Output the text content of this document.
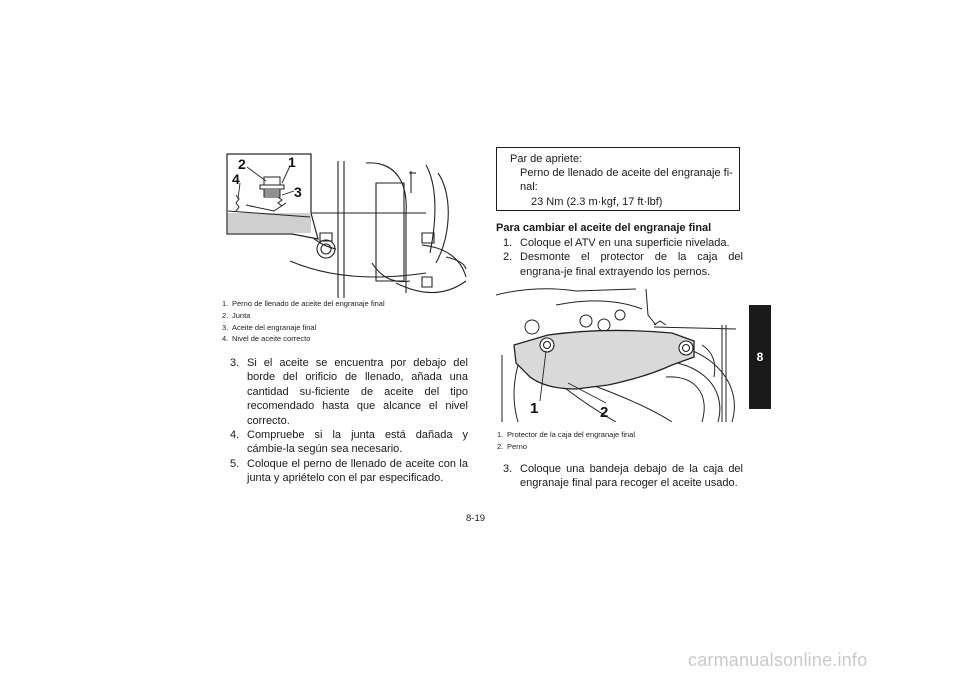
8
2	1
4
3
1. Perno de llenado de aceite del engranaje final
2. Junta
3. Aceite del engranaje final
4. Nivel de aceite correcto
3. Si el aceite se encuentra por debajo del borde del orificio de llenado, añada una cantidad su-ficiente de aceite del tipo recomendado hasta que alcance el nivel correcto.
4. Compruebe si la junta está dañada y cámbie-la según sea necesario.
5. Coloque el perno de llenado de aceite con la junta y apriételo con el par especificado.
Par de apriete:
Perno de llenado de aceite del engranaje fi-
nal:
23 Nm (2.3 m·kgf, 17 ft·lbf)
Para cambiar el aceite del engranaje final
1. Coloque el ATV en una superficie nivelada.
2. Desmonte el protector de la caja del engrana-je final extrayendo los pernos.
1	2
1. Protector de la caja del engranaje final
2. Perno
3. Coloque una bandeja debajo de la caja del engranaje final para recoger el aceite usado.
8-19
carmanualsonline.info
